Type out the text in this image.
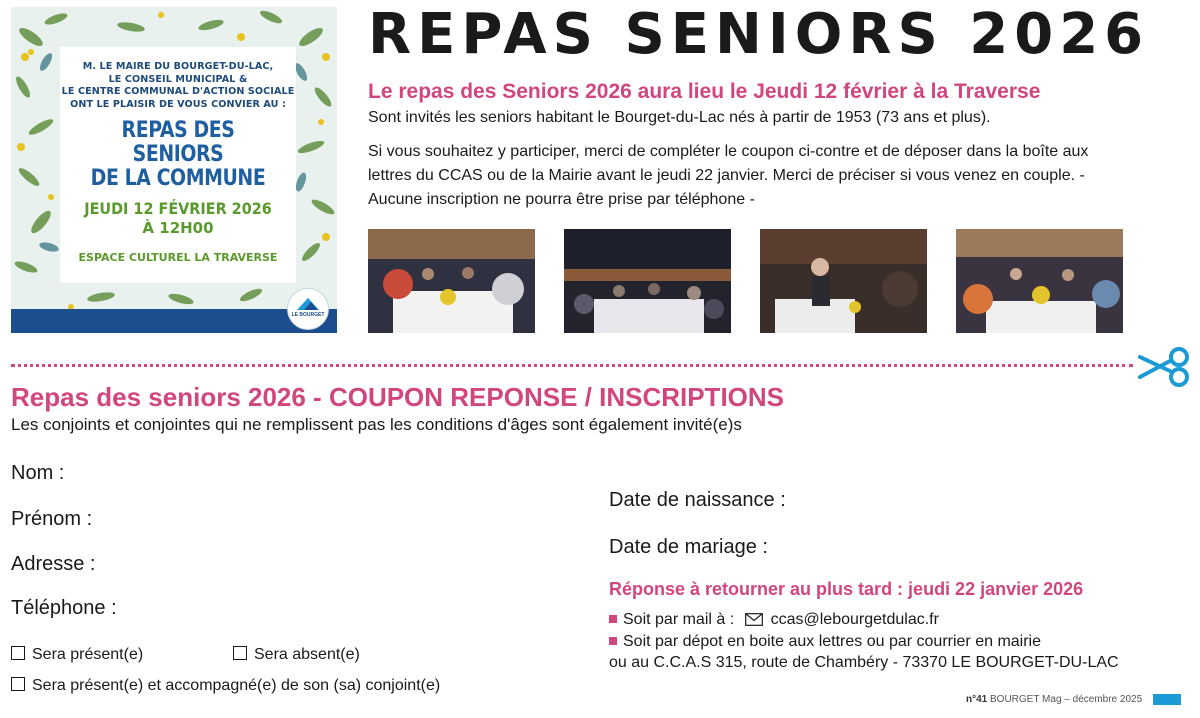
M. LE MAIRE DU BOURGET-DU-LAC,
LE CONSEIL MUNICIPAL &
LE CENTRE COMMUNAL D'ACTION SOCIALE
ONT LE PLAISIR DE VOUS CONVIER AU :
REPAS DES SENIORS
DE LA COMMUNE
JEUDI 12 FÉVRIER 2026
À 12H00
ESPACE CULTUREL LA TRAVERSE
LE BOURGET
REPAS SENIORS 2026
Le repas des Seniors 2026 aura lieu le Jeudi 12 février à la Traverse
Sont invités les seniors habitant le Bourget-du-Lac nés à partir de 1953 (73 ans et plus).
Si vous souhaitez y participer, merci de compléter le coupon ci-contre et de déposer dans la boîte aux lettres du CCAS ou de la Mairie avant le jeudi 22 janvier. Merci de préciser si vous venez en couple. - Aucune inscription ne pourra être prise par téléphone -
Repas des seniors 2026 - COUPON REPONSE / INSCRIPTIONS
Les conjoints et conjointes qui ne remplissent pas les conditions d'âges sont également invité(e)s
Nom :
Prénom :
Adresse :
Téléphone :
Date de naissance :
Date de mariage :
Sera présent(e)	Sera absent(e)
Sera présent(e) et accompagné(e) de son (sa) conjoint(e)
Réponse à retourner au plus tard : jeudi 22 janvier 2026
Soit par mail à : ccas@lebourgetdulac.fr
Soit par dépot en boite aux lettres ou par courrier en mairie
ou au C.C.A.S 315, route de Chambéry - 73370 LE BOURGET-DU-LAC
n°41 BOURGET Mag – décembre 2025
